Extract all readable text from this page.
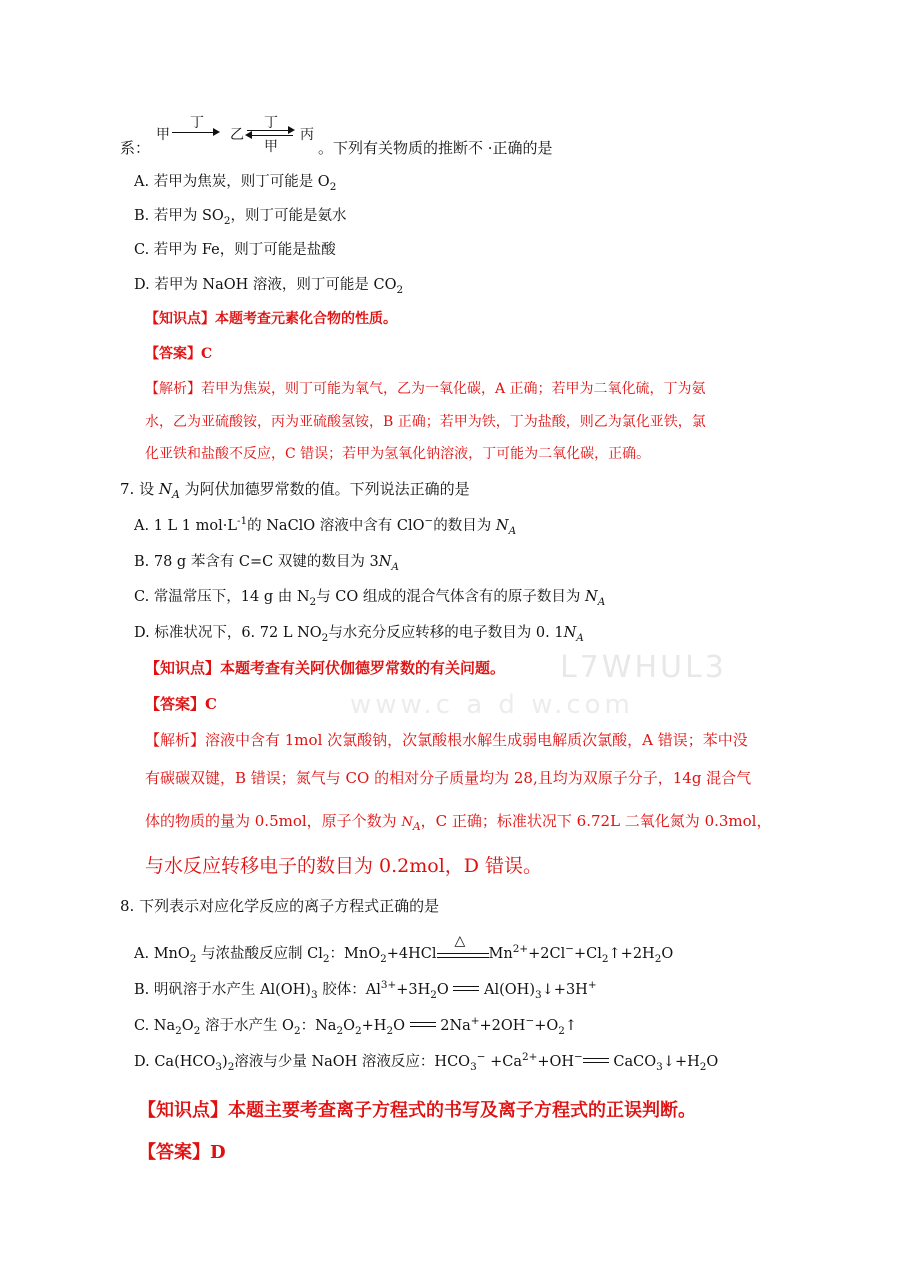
L7WHUL3
www.c a d w.com
甲
丁
乙
丁
甲
丙
系：	。下列有关物质的推断不 ·正确的是
A. 若甲为焦炭，则丁可能是 $O_2$
B. 若甲为 $SO_2$，则丁可能是氨水
C. 若甲为 Fe，则丁可能是盐酸
D. 若甲为 NaOH 溶液，则丁可能是 $CO_2$
【知识点】本题考查元素化合物的性质。
【答案】C
【解析】若甲为焦炭，则丁可能为氧气，乙为一氧化碳，A 正确；若甲为二氧化硫，丁为氨
水，乙为亚硫酸铵，丙为亚硫酸氢铵，B 正确；若甲为铁，丁为盐酸，则乙为氯化亚铁，氯
化亚铁和盐酸不反应，C 错误；若甲为氢氧化钠溶液，丁可能为二氧化碳，正确。
7. 设 $N_A$ 为阿伏加德罗常数的值。下列说法正确的是
A. 1 L 1 $mol\cdot L^{-1}$的 NaClO 溶液中含有 ClO−的数目为 $N_A$
B. 78 g 苯含有 C=C 双键的数目为 $3N_A$
C. 常温常压下，14 g 由 $N_2$与 CO 组成的混合气体含有的原子数目为 $N_A$
D. 标准状况下，6. 72 L $NO_2$与水充分反应转移的电子数目为 0. $1N_A$
【知识点】本题考查有关阿伏伽德罗常数的有关问题。
【答案】C
【解析】溶液中含有 1mol 次氯酸钠，次氯酸根水解生成弱电解质次氯酸，A 错误；苯中没
有碳碳双键，B 错误；氮气与 CO 的相对分子质量均为 28,且均为双原子分子，14g 混合气
体的物质的量为 0.5mol，原子个数为 $N_A$，C 正确；标准状况下 6.72L 二氧化氮为 0.3mol，
与水反应转移电子的数目为 0.2mol，D 错误。
8. 下列表示对应化学反应的离子方程式正确的是
A. MnO$_2$ 与浓盐酸反应制 $Cl_2$：MnO$_2$+4HCl
△
$Mn^{2+}+2Cl^-+Cl_2↑+2H_2O$
B. 明矾溶于水产生 $Al(OH)_3$ 胶体：$Al^{3+}+3H_2O$ $Al(OH)_3↓+3H^+$
C. $Na_2O_2$ 溶于水产生 $O_2$：$Na_2O_2+H_2O$ $2Na^++2OH^-+O_2↑$
D. $Ca(HCO_3)_2$溶液与少量 NaOH 溶液反应：$HCO_3^- +Ca^{2+}+OH^-$ $CaCO_3↓+H_2O$
【知识点】本题主要考查离子方程式的书写及离子方程式的正误判断。
【答案】D
